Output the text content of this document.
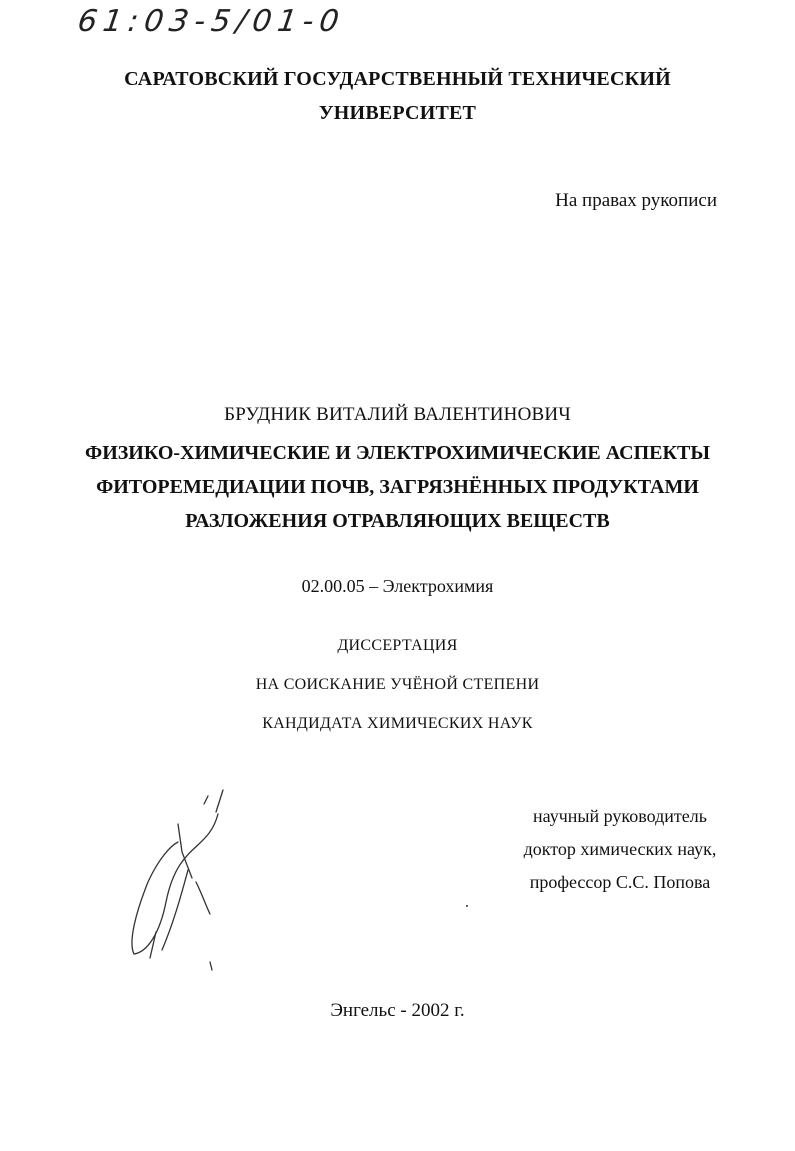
61:03-5/01-0
САРАТОВСКИЙ ГОСУДАРСТВЕННЫЙ ТЕХНИЧЕСКИЙ
УНИВЕРСИТЕТ
На правах рукописи
БРУДНИК ВИТАЛИЙ ВАЛЕНТИНОВИЧ
ФИЗИКО-ХИМИЧЕСКИЕ И ЭЛЕКТРОХИМИЧЕСКИЕ АСПЕКТЫ
ФИТОРЕМЕДИАЦИИ ПОЧВ, ЗАГРЯЗНЁННЫХ ПРОДУКТАМИ
РАЗЛОЖЕНИЯ ОТРАВЛЯЮЩИХ ВЕЩЕСТВ
02.00.05 – Электрохимия
ДИССЕРТАЦИЯ
НА СОИСКАНИЕ УЧЁНОЙ СТЕПЕНИ
КАНДИДАТА ХИМИЧЕСКИХ НАУК
научный руководитель
доктор химических наук,
профессор С.С. Попова
Энгельс - 2002 г.
